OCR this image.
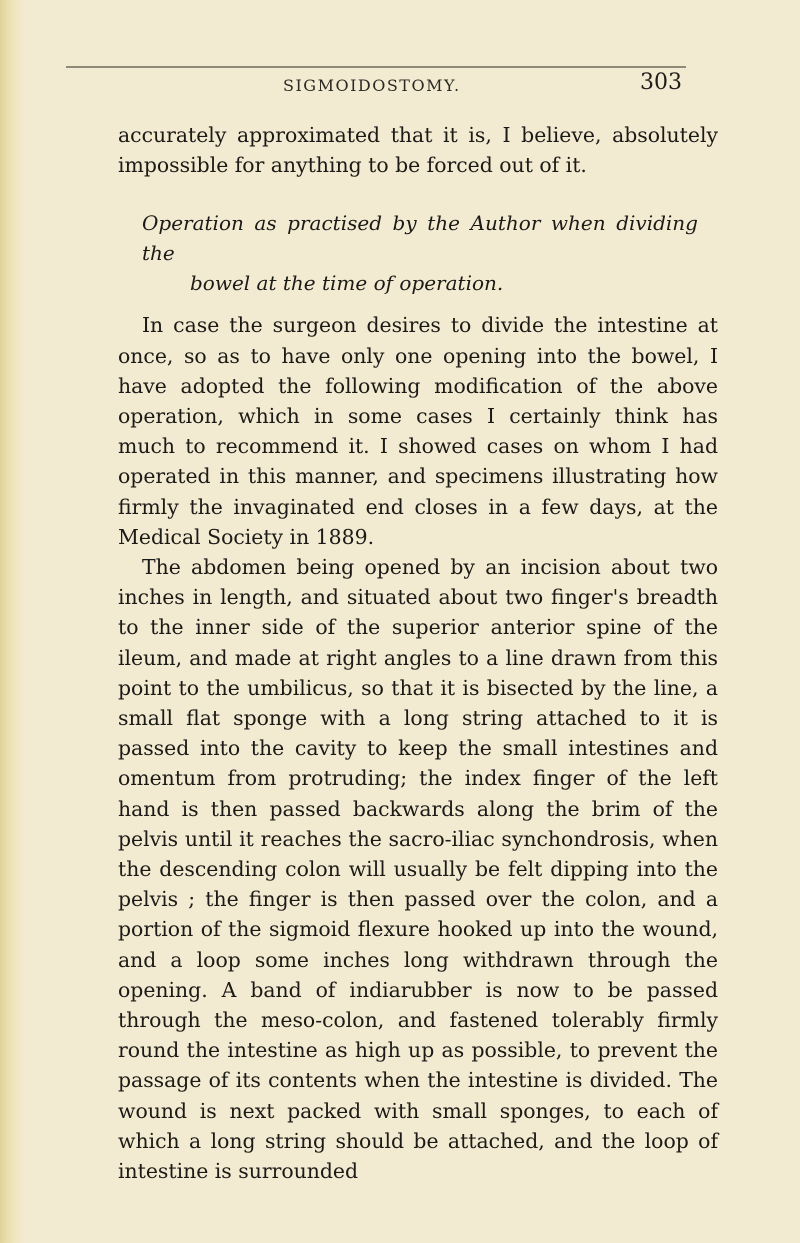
SIGMOIDOSTOMY.	303

accurately approximated that it is, I believe, absolutely impossible for anything to be forced out of it.

Operation as practised by the Author when dividing the
bowel at the time of operation.

In case the surgeon desires to divide the intestine at once, so as to have only one opening into the bowel, I have adopted the following modification of the above operation, which in some cases I certainly think has much to recommend it. I showed cases on whom I had operated in this manner, and specimens illustrating how firmly the invaginated end closes in a few days, at the Medical Society in 1889.

The abdomen being opened by an incision about two inches in length, and situated about two finger's breadth to the inner side of the superior anterior spine of the ileum, and made at right angles to a line drawn from this point to the umbilicus, so that it is bisected by the line, a small flat sponge with a long string attached to it is passed into the cavity to keep the small intestines and omentum from protruding; the index finger of the left hand is then passed backwards along the brim of the pelvis until it reaches the sacro-iliac synchondrosis, when the descending colon will usually be felt dipping into the pelvis ; the finger is then passed over the colon, and a portion of the sigmoid flexure hooked up into the wound, and a loop some inches long withdrawn through the opening. A band of indiarubber is now to be passed through the meso-colon, and fastened tolerably firmly round the intestine as high up as possible, to prevent the passage of its contents when the intestine is divided. The wound is next packed with small sponges, to each of which a long string should be attached, and the loop of intestine is surrounded
